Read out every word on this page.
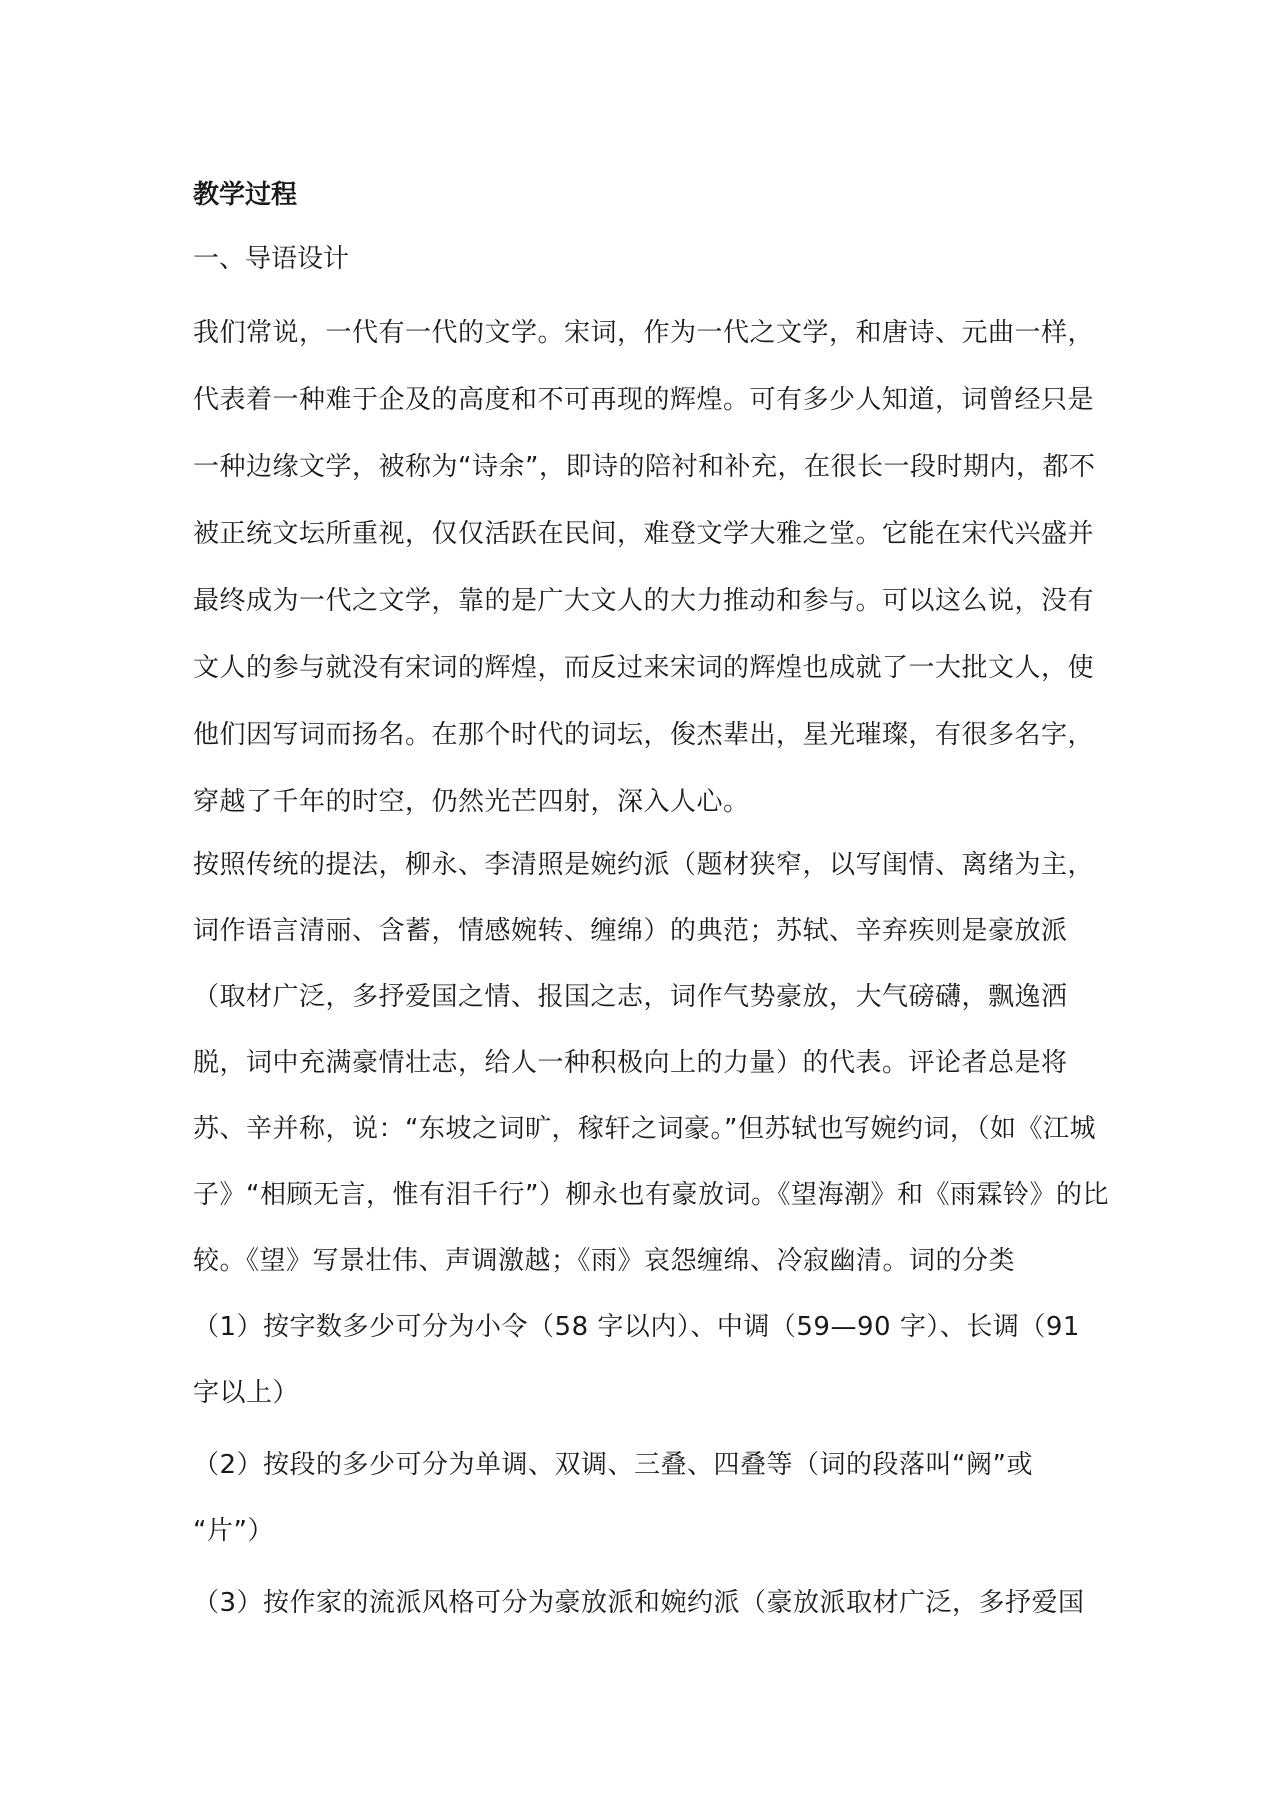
教学过程
一、导语设计
我们常说，一代有一代的文学。宋词，作为一代之文学，和唐诗、元曲一样，
代表着一种难于企及的高度和不可再现的辉煌。可有多少人知道，词曾经只是
一种边缘文学，被称为“诗余”，即诗的陪衬和补充，在很长一段时期内，都不
被正统文坛所重视，仅仅活跃在民间，难登文学大雅之堂。它能在宋代兴盛并
最终成为一代之文学，靠的是广大文人的大力推动和参与。可以这么说，没有
文人的参与就没有宋词的辉煌，而反过来宋词的辉煌也成就了一大批文人，使
他们因写词而扬名。在那个时代的词坛，俊杰辈出，星光璀璨，有很多名字，
穿越了千年的时空，仍然光芒四射，深入人心。
按照传统的提法，柳永、李清照是婉约派（题材狭窄，以写闺情、离绪为主，
词作语言清丽、含蓄，情感婉转、缠绵）的典范；苏轼、辛弃疾则是豪放派
（取材广泛，多抒爱国之情、报国之志，词作气势豪放，大气磅礴，飘逸洒
脱，词中充满豪情壮志，给人一种积极向上的力量）的代表。评论者总是将
苏、辛并称，说：“东坡之词旷，稼轩之词豪。”但苏轼也写婉约词，（如《江城
子》“相顾无言，惟有泪千行”）柳永也有豪放词。《望海潮》和《雨霖铃》的比
较。《望》写景壮伟、声调激越；《雨》哀怨缠绵、冷寂幽清。词的分类
（1）按字数多少可分为小令（58 字以内）、中调（59—90 字）、长调（91
字以上）
（2）按段的多少可分为单调、双调、三叠、四叠等（词的段落叫“阙”或
“片”）
（3）按作家的流派风格可分为豪放派和婉约派（豪放派取材广泛，多抒爱国
